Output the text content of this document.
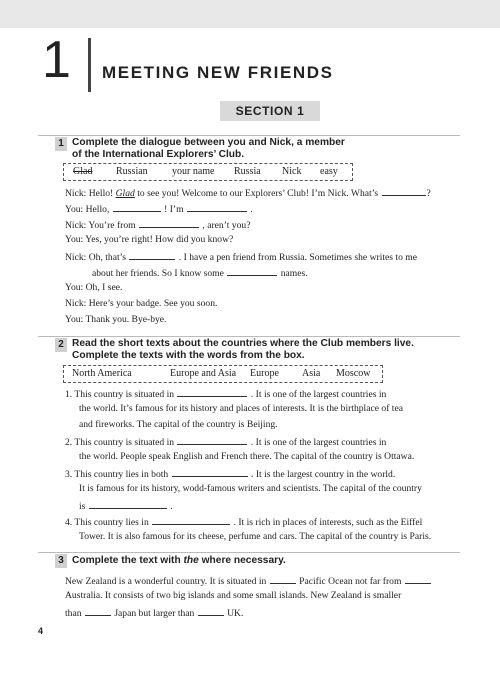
1 MEETING NEW FRIENDS
SECTION 1
1 Complete the dialogue between you and Nick, a member
of the International Explorers’ Club.
Glad Russian your name Russia Nick easy
Nick: Hello! Glad to see you! Welcome to our Explorers’ Club! I’m Nick. What’s	?
You: Hello,	! I’m	.
Nick: You’re from	, aren’t you?
You: Yes, you’re right! How did you know?
Nick: Oh, that’s	. I have a pen friend from Russia. Sometimes she writes to me
about her friends. So I know some	names.
You: Oh, I see.
Nick: Here’s your badge. See you soon.
You: Thank you. Bye-bye.
2 Read the short texts about the countries where the Club members live.
Complete the texts with the words from the box.
North America	Europe and Asia Europe Asia Moscow
1. This country is situated in	. It is one of the largest countries in
the world. It’s famous for its history and places of interests. It is the birthplace of tea
and fireworks. The capital of the country is Beijing.
2. This country is situated in	. It is one of the largest countries in
the world. People speak English and French there. The capital of the country is Ottawa.
3. This country lies in both	. It is the largest country in the world.
It is famous for its history, wodd-famous writers and scientists. The capital of the country
is	.
4. This country lies in	. It is rich in places of interests, such as the Eiffel
Tower. It is also famous for its cheese, perfume and cars. The capital of the country is Paris.
3 Complete the text with the where necessary.
New Zealand is a wonderful country. It is situated in	Pacific Ocean not far from
Australia. It consists of two big islands and some small islands. New Zealand is smaller
than	Japan but larger than	UK.
4
